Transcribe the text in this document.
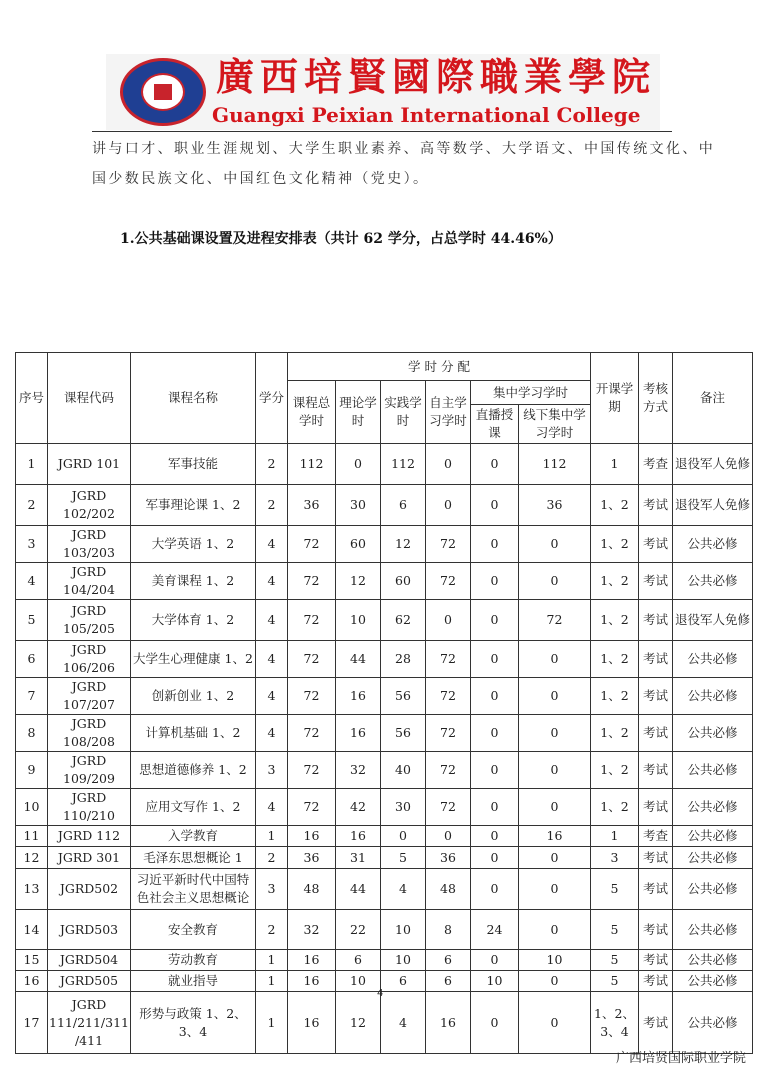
廣西培賢國際職業學院
Guangxi Peixian International College
讲与口才、职业生涯规划、大学生职业素养、高等数学、大学语文、中国传统文化、中
国少数民族文化、中国红色文化精神（党史）。
1.公共基础课设置及进程安排表（共计 62 学分，占总学时 44.46%）
序号	课程代码	课程名称	学分	学 时 分 配						开课学期	考核方式	备注
				课程总学时	理论学时	实践学时	自主学习学时	集中学习学时				
								直播授课	线下集中学习学时			
1	JGRD 101	军事技能	2	112	0	112	0	0	112	1	考查	退役军人免修
2	JGRD 102/202	军事理论课 1、2	2	36	30	6	0	0	36	1、2	考试	退役军人免修
3	JGRD 103/203	大学英语 1、2	4	72	60	12	72	0	0	1、2	考试	公共必修
4	JGRD 104/204	美育课程 1、2	4	72	12	60	72	0	0	1、2	考试	公共必修
5	JGRD 105/205	大学体育 1、2	4	72	10	62	0	0	72	1、2	考试	退役军人免修
6	JGRD 106/206	大学生心理健康 1、2	4	72	44	28	72	0	0	1、2	考试	公共必修
7	JGRD 107/207	创新创业 1、2	4	72	16	56	72	0	0	1、2	考试	公共必修
8	JGRD 108/208	计算机基础 1、2	4	72	16	56	72	0	0	1、2	考试	公共必修
9	JGRD 109/209	思想道德修养 1、2	3	72	32	40	72	0	0	1、2	考试	公共必修
10	JGRD 110/210	应用文写作 1、2	4	72	42	30	72	0	0	1、2	考试	公共必修
11	JGRD 112	入学教育	1	16	16	0	0	0	16	1	考查	公共必修
12	JGRD 301	毛泽东思想概论 1	2	36	31	5	36	0	0	3	考试	公共必修
13	JGRD502	习近平新时代中国特色社会主义思想概论	3	48	44	4	48	0	0	5	考试	公共必修
14	JGRD503	安全教育	2	32	22	10	8	24	0	5	考试	公共必修
15	JGRD504	劳动教育	1	16	6	10	6	0	10	5	考试	公共必修
16	JGRD505	就业指导	1	16	10	6	6	10	0	5	考试	公共必修
17	JGRD 111/211/311 /411	形势与政策 1、2、3、4	1	16	12	4	16	0	0	1、2、3、4	考试	公共必修
4
广西培贤国际职业学院
